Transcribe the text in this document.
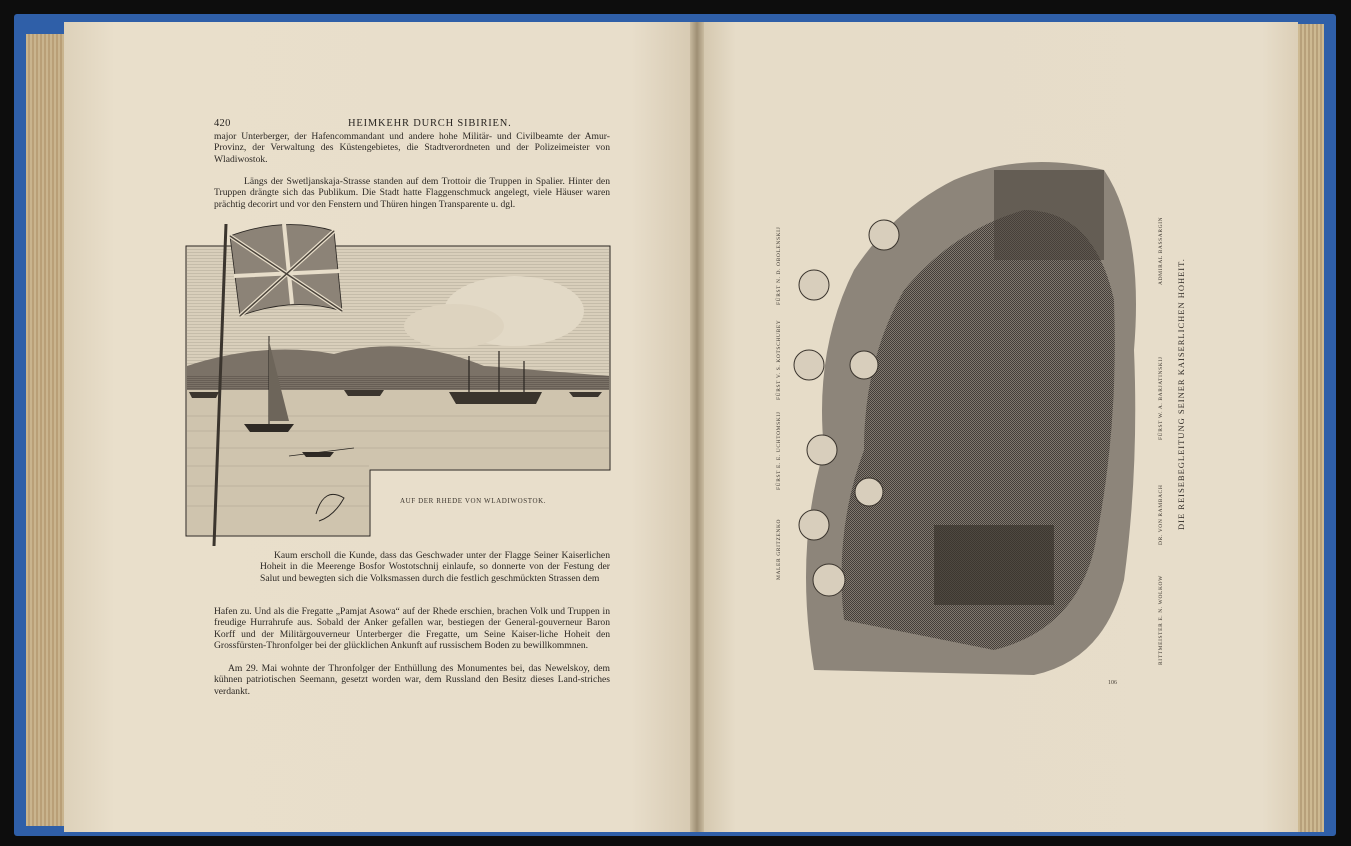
420	HEIMKEHR DURCH SIBIRIEN.
major Unterberger, der Hafencommandant und andere hohe Militär- und Civilbeamte der Amur-Provinz, der Verwaltung des Küstengebietes, die Stadtverordneten und der Polizeimeister von Wladiwostok.
Längs der Swetljanskaja-Strasse standen auf dem Trottoir die Truppen in Spalier. Hinter den Truppen drängte sich das Publikum. Die Stadt hatte Flaggenschmuck angelegt, viele Häuser waren prächtig decorirt und vor den Fenstern und Thüren hingen Transparente u. dgl.
AUF DER RHEDE VON WLADIWOSTOK.
Kaum erscholl die Kunde, dass das Geschwader unter der Flagge Seiner Kaiserlichen Hoheit in die Meerenge Bosfor Wostotschnij einlaufe, so donnerte von der Festung der Salut und bewegten sich die Volksmassen durch die festlich geschmückten Strassen dem
Hafen zu. Und als die Fregatte „Pamjat Asowa“ auf der Rhede erschien, brachen Volk und Truppen in freudige Hurrahrufe aus. Sobald der Anker gefallen war, bestiegen der General-gouverneur Baron Korff und der Militärgouverneur Unterberger die Fregatte, um Seine Kaiser-liche Hoheit den Grossfürsten-Thronfolger bei der glücklichen Ankunft auf russischem Boden zu bewillkommnen.
Am 29. Mai wohnte der Thronfolger der Enthüllung des Monumentes bei, das Newelskoy, dem kühnen patriotischen Seemann, gesetzt worden war, dem Russland den Besitz dieses Land-striches verdankt.
MALER GRITZENKO
FÜRST E. E. UCHTOMSKIJ
FÜRST V. S. KOTSCHUBEY
FÜRST N. D. OBOLENSKIJ
RITTMEISTER E. N. WOLKOW
DR. VON RAMBACH
FÜRST W. A. BARJATINSKIJ
ADMIRAL BASSARGIN
DIE REISEBEGLEITUNG SEINER KAISERLICHEN HOHEIT.
106
